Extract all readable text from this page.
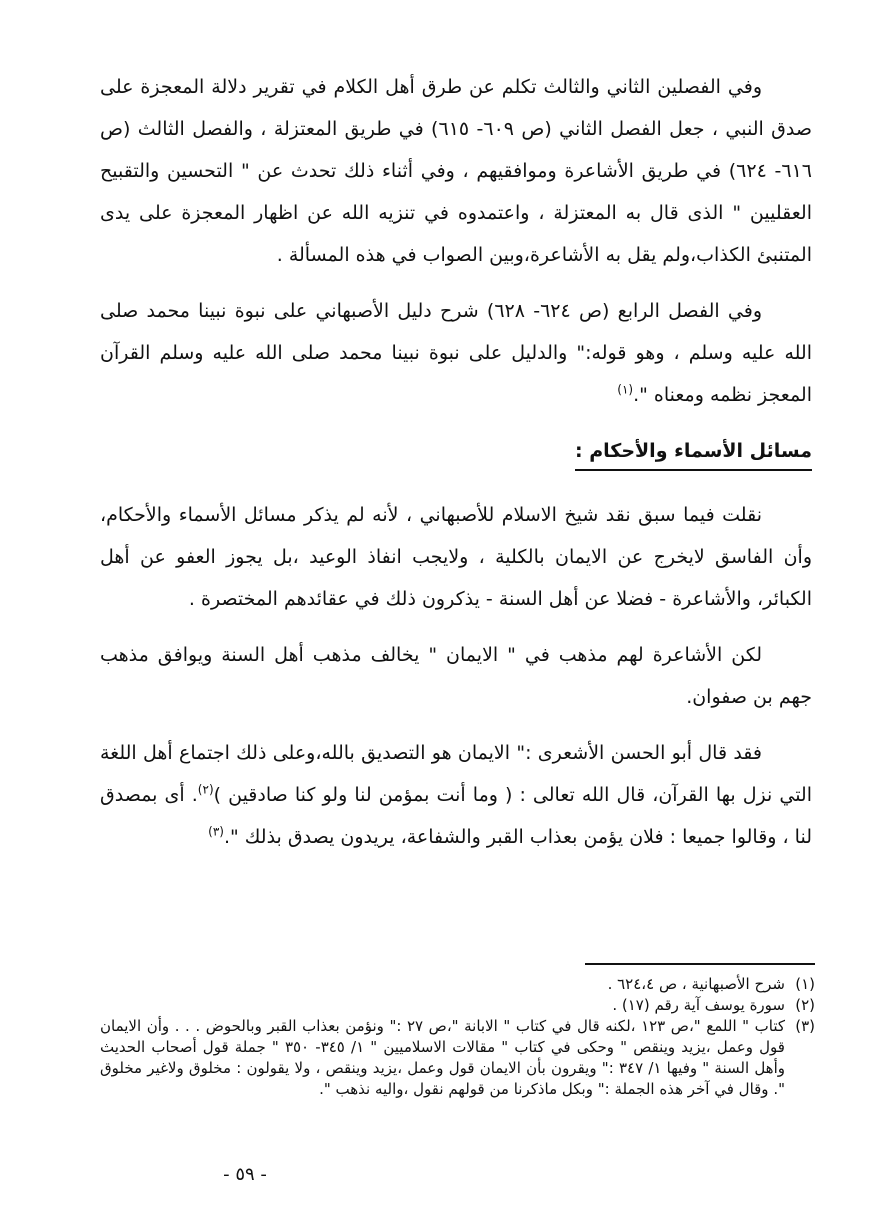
وفي الفصلين الثاني والثالث تكلم عن طرق أهل الكلام في تقرير دلالة المعجزة على صدق النبي ، جعل الفصل الثاني (ص ٦٠٩- ٦١٥) في طريق المعتزلة ، والفصل الثالث (ص ٦١٦- ٦٢٤) في طريق الأشاعرة وموافقيهم ، وفي أثناء ذلك تحدث عن " التحسين والتقبيح العقليين " الذى قال به المعتزلة ، واعتمدوه في تنزيه الله عن اظهار المعجزة على يدى المتنبئ الكذاب،ولم يقل به الأشاعرة،وبين الصواب في هذه المسألة .

وفي الفصل الرابع (ص ٦٢٤- ٦٢٨) شرح دليل الأصبهاني على نبوة نبينا محمد صلى الله عليه وسلم ، وهو قوله:" والدليل على نبوة نبينا محمد صلى الله عليه وسلم القرآن المعجز نظمه ومعناه ".$^{(١)}$

مسائل الأسماء والأحكام :

نقلت فيما سبق نقد شيخ الاسلام للأصبهاني ، لأنه لم يذكر مسائل الأسماء والأحكام، وأن الفاسق لايخرج عن الايمان بالكلية ، ولايجب انفاذ الوعيد ،بل يجوز العفو عن أهل الكبائر، والأشاعرة - فضلا عن أهل السنة - يذكرون ذلك في عقائدهم المختصرة .

لكن الأشاعرة لهم مذهب في " الايمان " يخالف مذهب أهل السنة ويوافق مذهب جهم بن صفوان.

فقد قال أبو الحسن الأشعرى :" الايمان هو التصديق بالله،وعلى ذلك اجتماع أهل اللغة التي نزل بها القرآن، قال الله تعالى : ( وما أنت بمؤمن لنا ولو كنا صادقين )$^{(٢)}$. أى بمصدق لنا ، وقالوا جميعا : فلان يؤمن بعذاب القبر والشفاعة، يريدون يصدق بذلك ".$^{(٣)}$

(١)
شرح الأصبهانية ، ص ٦٢٤،٤ .
(٢)
سورة يوسف آية رقم (١٧) .
(٣)
كتاب " اللمع "،ص ١٢٣ ،لكنه قال في كتاب " الابانة "،ص ٢٧ :" ونؤمن بعذاب القبر وبالحوض . . . وأن الايمان قول وعمل ،يزيد وينقص " وحكى في كتاب " مقالات الاسلاميين " ١/ ٣٤٥- ٣٥٠ " جملة قول أصحاب الحديث وأهل السنة " وفيها ١/ ٣٤٧ :" ويقرون بأن الايمان قول وعمل ،يزيد وينقص ، ولا يقولون : مخلوق ولاغير مخلوق ". وقال في آخر هذه الجملة :" وبكل ماذكرنا من قولهم نقول ،واليه نذهب ".
- ٥٩ -
